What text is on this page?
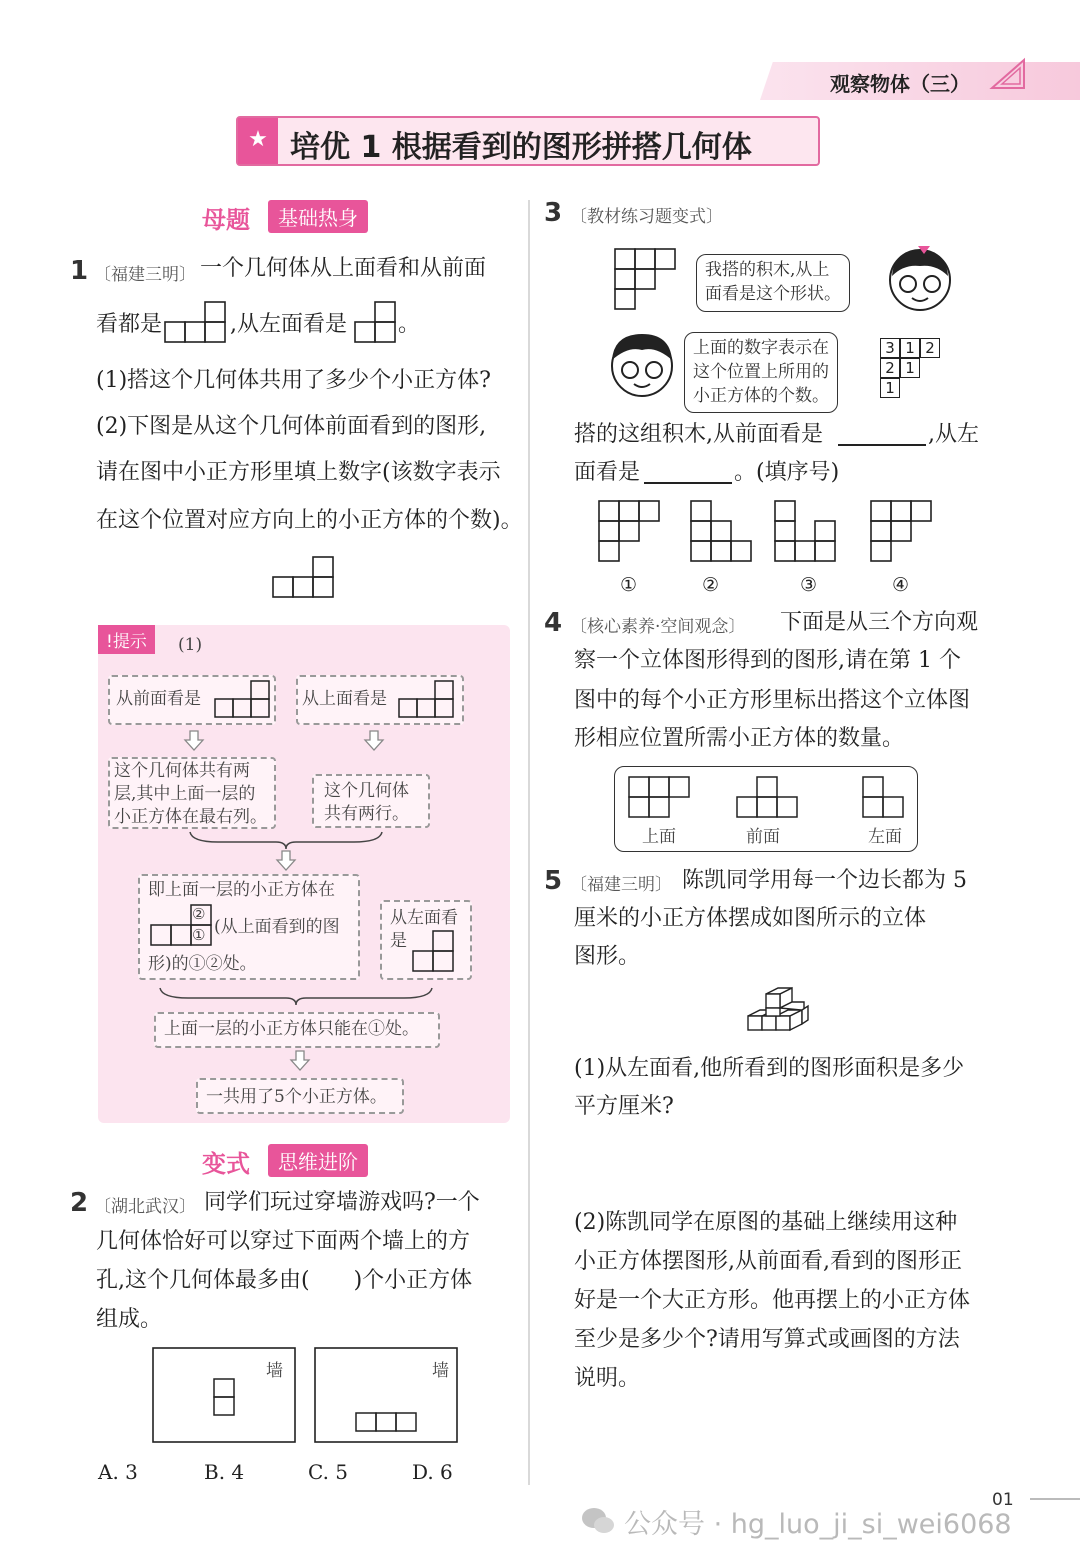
观察物体（三）
★ 培优 1 根据看到的图形拼搭几何体
母题	基础热身
1 〔福建三明〕 一个几何体从上面看和从前面
看都是	,从左面看是 。
(1)搭这个几何体共用了多少个小正方体?
(2)下图是从这个几何体前面看到的图形,
请在图中小正方形里填上数字(该数字表示
在这个位置对应方向上的小正方体的个数)。
!提示	(1)
从前面看是	从上面看是
这个几何体共有两
层,其中上面一层的
小正方体在最右列。
这个几何体
共有两行。
即上面一层的小正方体在
②
① (从上面看到的图
形)的①②处。
从左面看
是
上面一层的小正方体只能在①处。
一共用了5个小正方体。
变式	思维进阶
2 〔湖北武汉〕 同学们玩过穿墙游戏吗?一个
几何体恰好可以穿过下面两个墙上的方
孔,这个几何体最多由(　　)个小正方体
组成。
墙	墙
A. 3	B. 4	C. 5	D. 6
3 〔教材练习题变式〕
我搭的积木,从上
面看是这个形状。
上面的数字表示在
这个位置上所用的
小正方体的个数。
3 1 2
2 1
1
搭的这组积木,从前面看是	,从左
面看是	。(填序号)
①	②	③	④
4 〔核心素养·空间观念〕 下面是从三个方向观
察一个立体图形得到的图形,请在第 1 个
图中的每个小正方形里标出搭这个立体图
形相应位置所需小正方体的数量。
上面	前面	左面
5 〔福建三明〕 陈凯同学用每一个边长都为 5
厘米的小正方体摆成如图所示的立体
图形。
(1)从左面看,他所看到的图形面积是多少
平方厘米?
(2)陈凯同学在原图的基础上继续用这种
小正方体摆图形,从前面看,看到的图形正
好是一个大正方形。他再摆上的小正方体
至少是多少个?请用写算式或画图的方法
说明。
01
公众号 · hg_luo_ji_si_wei6068
